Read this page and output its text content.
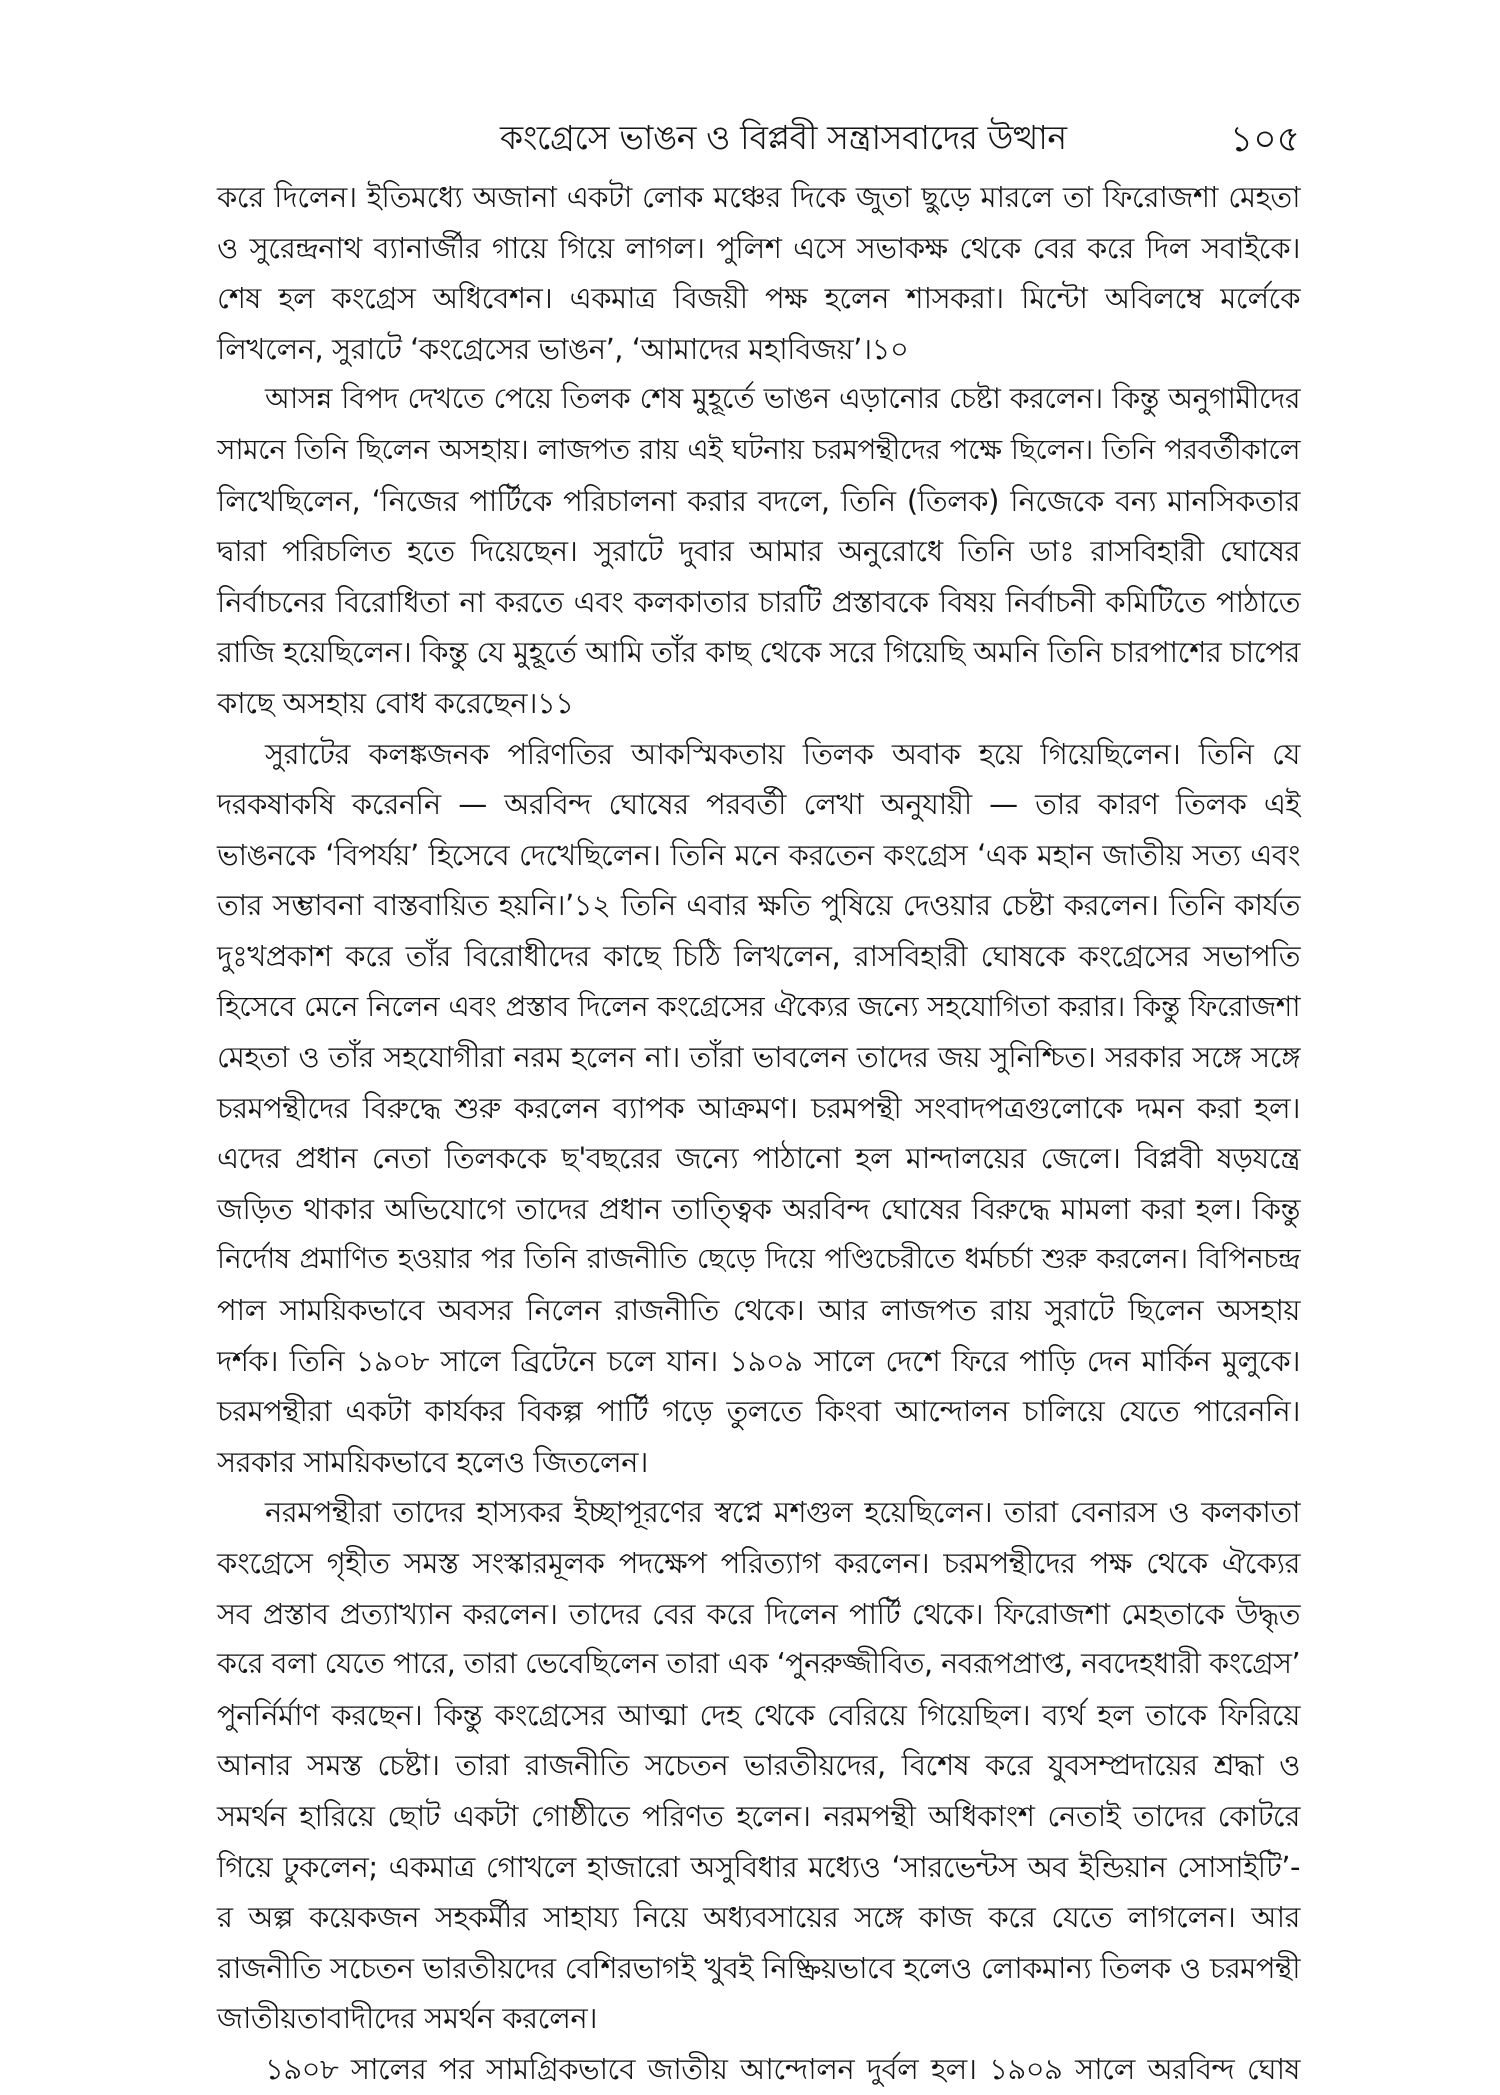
কংগ্রেসে ভাঙন ও বিপ্লবী সন্ত্রাসবাদের উত্থান	১০৫
করে দিলেন। ইতিমধ্যে অজানা একটা লোক মঞ্চের দিকে জুতা ছুড়ে মারলে তা ফিরোজশা মেহতা
ও সুরেন্দ্রনাথ ব্যানার্জীর গায়ে গিয়ে লাগল। পুলিশ এসে সভাকক্ষ থেকে বের করে দিল সবাইকে।
শেষ হল কংগ্রেস অধিবেশন। একমাত্র বিজয়ী পক্ষ হলেন শাসকরা। মিন্টো অবিলম্বে মর্লেকে
লিখলেন, সুরাটে ‘কংগ্রেসের ভাঙন’, ‘আমাদের মহাবিজয়’।১০
আসন্ন বিপদ দেখতে পেয়ে তিলক শেষ মুহূর্তে ভাঙন এড়ানোর চেষ্টা করলেন। কিন্তু অনুগামীদের
সামনে তিনি ছিলেন অসহায়। লাজপত রায় এই ঘটনায় চরমপন্থীদের পক্ষে ছিলেন। তিনি পরবর্তীকালে
লিখেছিলেন, ‘নিজের পার্টিকে পরিচালনা করার বদলে, তিনি (তিলক) নিজেকে বন্য মানসিকতার
দ্বারা পরিচলিত হতে দিয়েছেন। সুরাটে দুবার আমার অনুরোধে তিনি ডাঃ রাসবিহারী ঘোষের
নির্বাচনের বিরোধিতা না করতে এবং কলকাতার চারটি প্রস্তাবকে বিষয় নির্বাচনী কমিটিতে পাঠাতে
রাজি হয়েছিলেন। কিন্তু যে মুহূর্তে আমি তাঁর কাছ থেকে সরে গিয়েছি অমনি তিনি চারপাশের চাপের
কাছে অসহায় বোধ করেছেন।১১
সুরাটের কলঙ্কজনক পরিণতির আকস্মিকতায় তিলক অবাক হয়ে গিয়েছিলেন। তিনি যে
দরকষাকষি করেননি — অরবিন্দ ঘোষের পরবর্তী লেখা অনুযায়ী — তার কারণ তিলক এই
ভাঙনকে ‘বিপর্যয়’ হিসেবে দেখেছিলেন। তিনি মনে করতেন কংগ্রেস ‘এক মহান জাতীয় সত্য এবং
তার সম্ভাবনা বাস্তবায়িত হয়নি।’১২ তিনি এবার ক্ষতি পুষিয়ে দেওয়ার চেষ্টা করলেন। তিনি কার্যত
দুঃখপ্রকাশ করে তাঁর বিরোধীদের কাছে চিঠি লিখলেন, রাসবিহারী ঘোষকে কংগ্রেসের সভাপতি
হিসেবে মেনে নিলেন এবং প্রস্তাব দিলেন কংগ্রেসের ঐক্যের জন্যে সহযোগিতা করার। কিন্তু ফিরোজশা
মেহতা ও তাঁর সহযোগীরা নরম হলেন না। তাঁরা ভাবলেন তাদের জয় সুনিশ্চিত। সরকার সঙ্গে সঙ্গে
চরমপন্থীদের বিরুদ্ধে শুরু করলেন ব্যাপক আক্রমণ। চরমপন্থী সংবাদপত্রগুলোকে দমন করা হল।
এদের প্রধান নেতা তিলককে ছ'বছরের জন্যে পাঠানো হল মান্দালয়ের জেলে। বিপ্লবী ষড়যন্ত্রে
জড়িত থাকার অভিযোগে তাদের প্রধান তাত্ত্বিক অরবিন্দ ঘোষের বিরুদ্ধে মামলা করা হল। কিন্তু
নির্দোষ প্রমাণিত হওয়ার পর তিনি রাজনীতি ছেড়ে দিয়ে পণ্ডিচেরীতে ধর্মচর্চা শুরু করলেন। বিপিনচন্দ্র
পাল সাময়িকভাবে অবসর নিলেন রাজনীতি থেকে। আর লাজপত রায় সুরাটে ছিলেন অসহায়
দর্শক। তিনি ১৯০৮ সালে ব্রিটেনে চলে যান। ১৯০৯ সালে দেশে ফিরে পাড়ি দেন মার্কিন মুলুকে।
চরমপন্থীরা একটা কার্যকর বিকল্প পার্টি গড়ে তুলতে কিংবা আন্দোলন চালিয়ে যেতে পারেননি।
সরকার সাময়িকভাবে হলেও জিতলেন।
নরমপন্থীরা তাদের হাস্যকর ইচ্ছাপূরণের স্বপ্নে মশগুল হয়েছিলেন। তারা বেনারস ও কলকাতা
কংগ্রেসে গৃহীত সমস্ত সংস্কারমূলক পদক্ষেপ পরিত্যাগ করলেন। চরমপন্থীদের পক্ষ থেকে ঐক্যের
সব প্রস্তাব প্রত্যাখ্যান করলেন। তাদের বের করে দিলেন পার্টি থেকে। ফিরোজশা মেহতাকে উদ্ধৃত
করে বলা যেতে পারে, তারা ভেবেছিলেন তারা এক ‘পুনরুজ্জীবিত, নবরূপপ্রাপ্ত, নবদেহধারী কংগ্রেস’
পুনর্নির্মাণ করছেন। কিন্তু কংগ্রেসের আত্মা দেহ থেকে বেরিয়ে গিয়েছিল। ব্যর্থ হল তাকে ফিরিয়ে
আনার সমস্ত চেষ্টা। তারা রাজনীতি সচেতন ভারতীয়দের, বিশেষ করে যুবসম্প্রদায়ের শ্রদ্ধা ও
সমর্থন হারিয়ে ছোট একটা গোষ্ঠীতে পরিণত হলেন। নরমপন্থী অধিকাংশ নেতাই তাদের কোটরে
গিয়ে ঢুকলেন; একমাত্র গোখলে হাজারো অসুবিধার মধ্যেও ‘সারভেন্টস অব ইন্ডিয়ান সোসাইটি’-
র অল্প কয়েকজন সহকর্মীর সাহায্য নিয়ে অধ্যবসায়ের সঙ্গে কাজ করে যেতে লাগলেন। আর
রাজনীতি সচেতন ভারতীয়দের বেশিরভাগই খুবই নিষ্ক্রিয়ভাবে হলেও লোকমান্য তিলক ও চরমপন্থী
জাতীয়তাবাদীদের সমর্থন করলেন।
১৯০৮ সালের পর সামগ্রিকভাবে জাতীয় আন্দোলন দুর্বল হল। ১৯০৯ সালে অরবিন্দ ঘোষ
